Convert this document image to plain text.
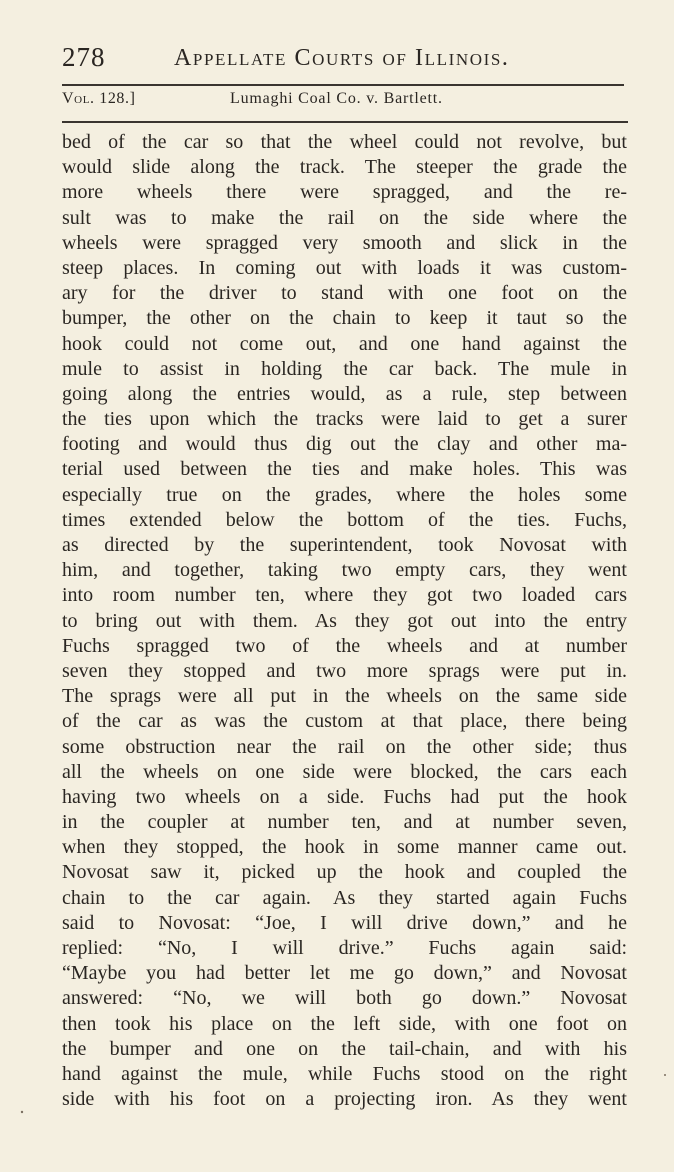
278	Appellate Courts of Illinois.
Vol. 128.]	Lumaghi Coal Co. v. Bartlett.
bed of the car so that the wheel could not revolve, but
would slide along the track. The steeper the grade the
more wheels there were spragged, and the re-
sult was to make the rail on the side where the
wheels were spragged very smooth and slick in the
steep places. In coming out with loads it was custom-
ary for the driver to stand with one foot on the
bumper, the other on the chain to keep it taut so the
hook could not come out, and one hand against the
mule to assist in holding the car back. The mule in
going along the entries would, as a rule, step between
the ties upon which the tracks were laid to get a surer
footing and would thus dig out the clay and other ma-
terial used between the ties and make holes. This was
especially true on the grades, where the holes some
times extended below the bottom of the ties. Fuchs,
as directed by the superintendent, took Novosat with
him, and together, taking two empty cars, they went
into room number ten, where they got two loaded cars
to bring out with them. As they got out into the entry
Fuchs spragged two of the wheels and at number
seven they stopped and two more sprags were put in.
The sprags were all put in the wheels on the same side
of the car as was the custom at that place, there being
some obstruction near the rail on the other side; thus
all the wheels on one side were blocked, the cars each
having two wheels on a side. Fuchs had put the hook
in the coupler at number ten, and at number seven,
when they stopped, the hook in some manner came out.
Novosat saw it, picked up the hook and coupled the
chain to the car again. As they started again Fuchs
said to Novosat: “Joe, I will drive down,” and he
replied: “No, I will drive.” Fuchs again said:
“Maybe you had better let me go down,” and Novosat
answered: “No, we will both go down.” Novosat
then took his place on the left side, with one foot on
the bumper and one on the tail-chain, and with his
hand against the mule, while Fuchs stood on the right
side with his foot on a projecting iron. As they went
